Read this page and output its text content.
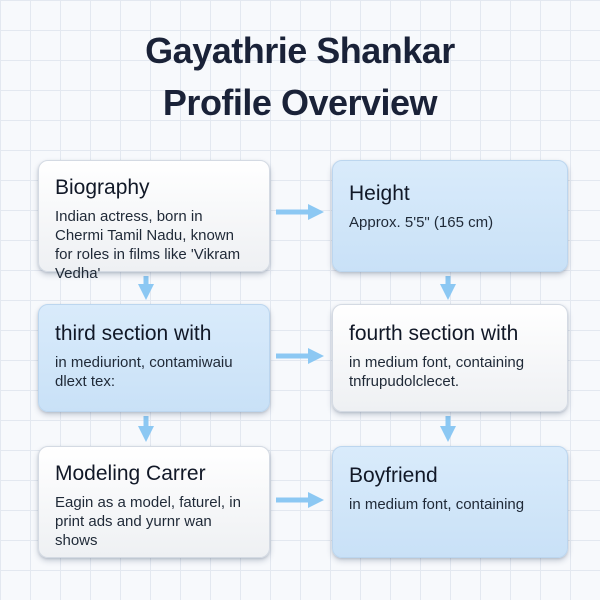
Gayathrie Shankar
Profile Overview

Biography

Indian actress, born in Chermi Tamil Nadu, known for roles in films like 'Vikram Vedha'

Height

Approx. 5'5" (165 cm)

third section with

in mediuriont, contamiwaiu dlext tex:

fourth section with

in medium font, containing tnfrupudolclecet.

Modeling Carrer

Eagin as a model, faturel, in print ads and yurnr wan shows

Boyfriend

in medium font, containing
